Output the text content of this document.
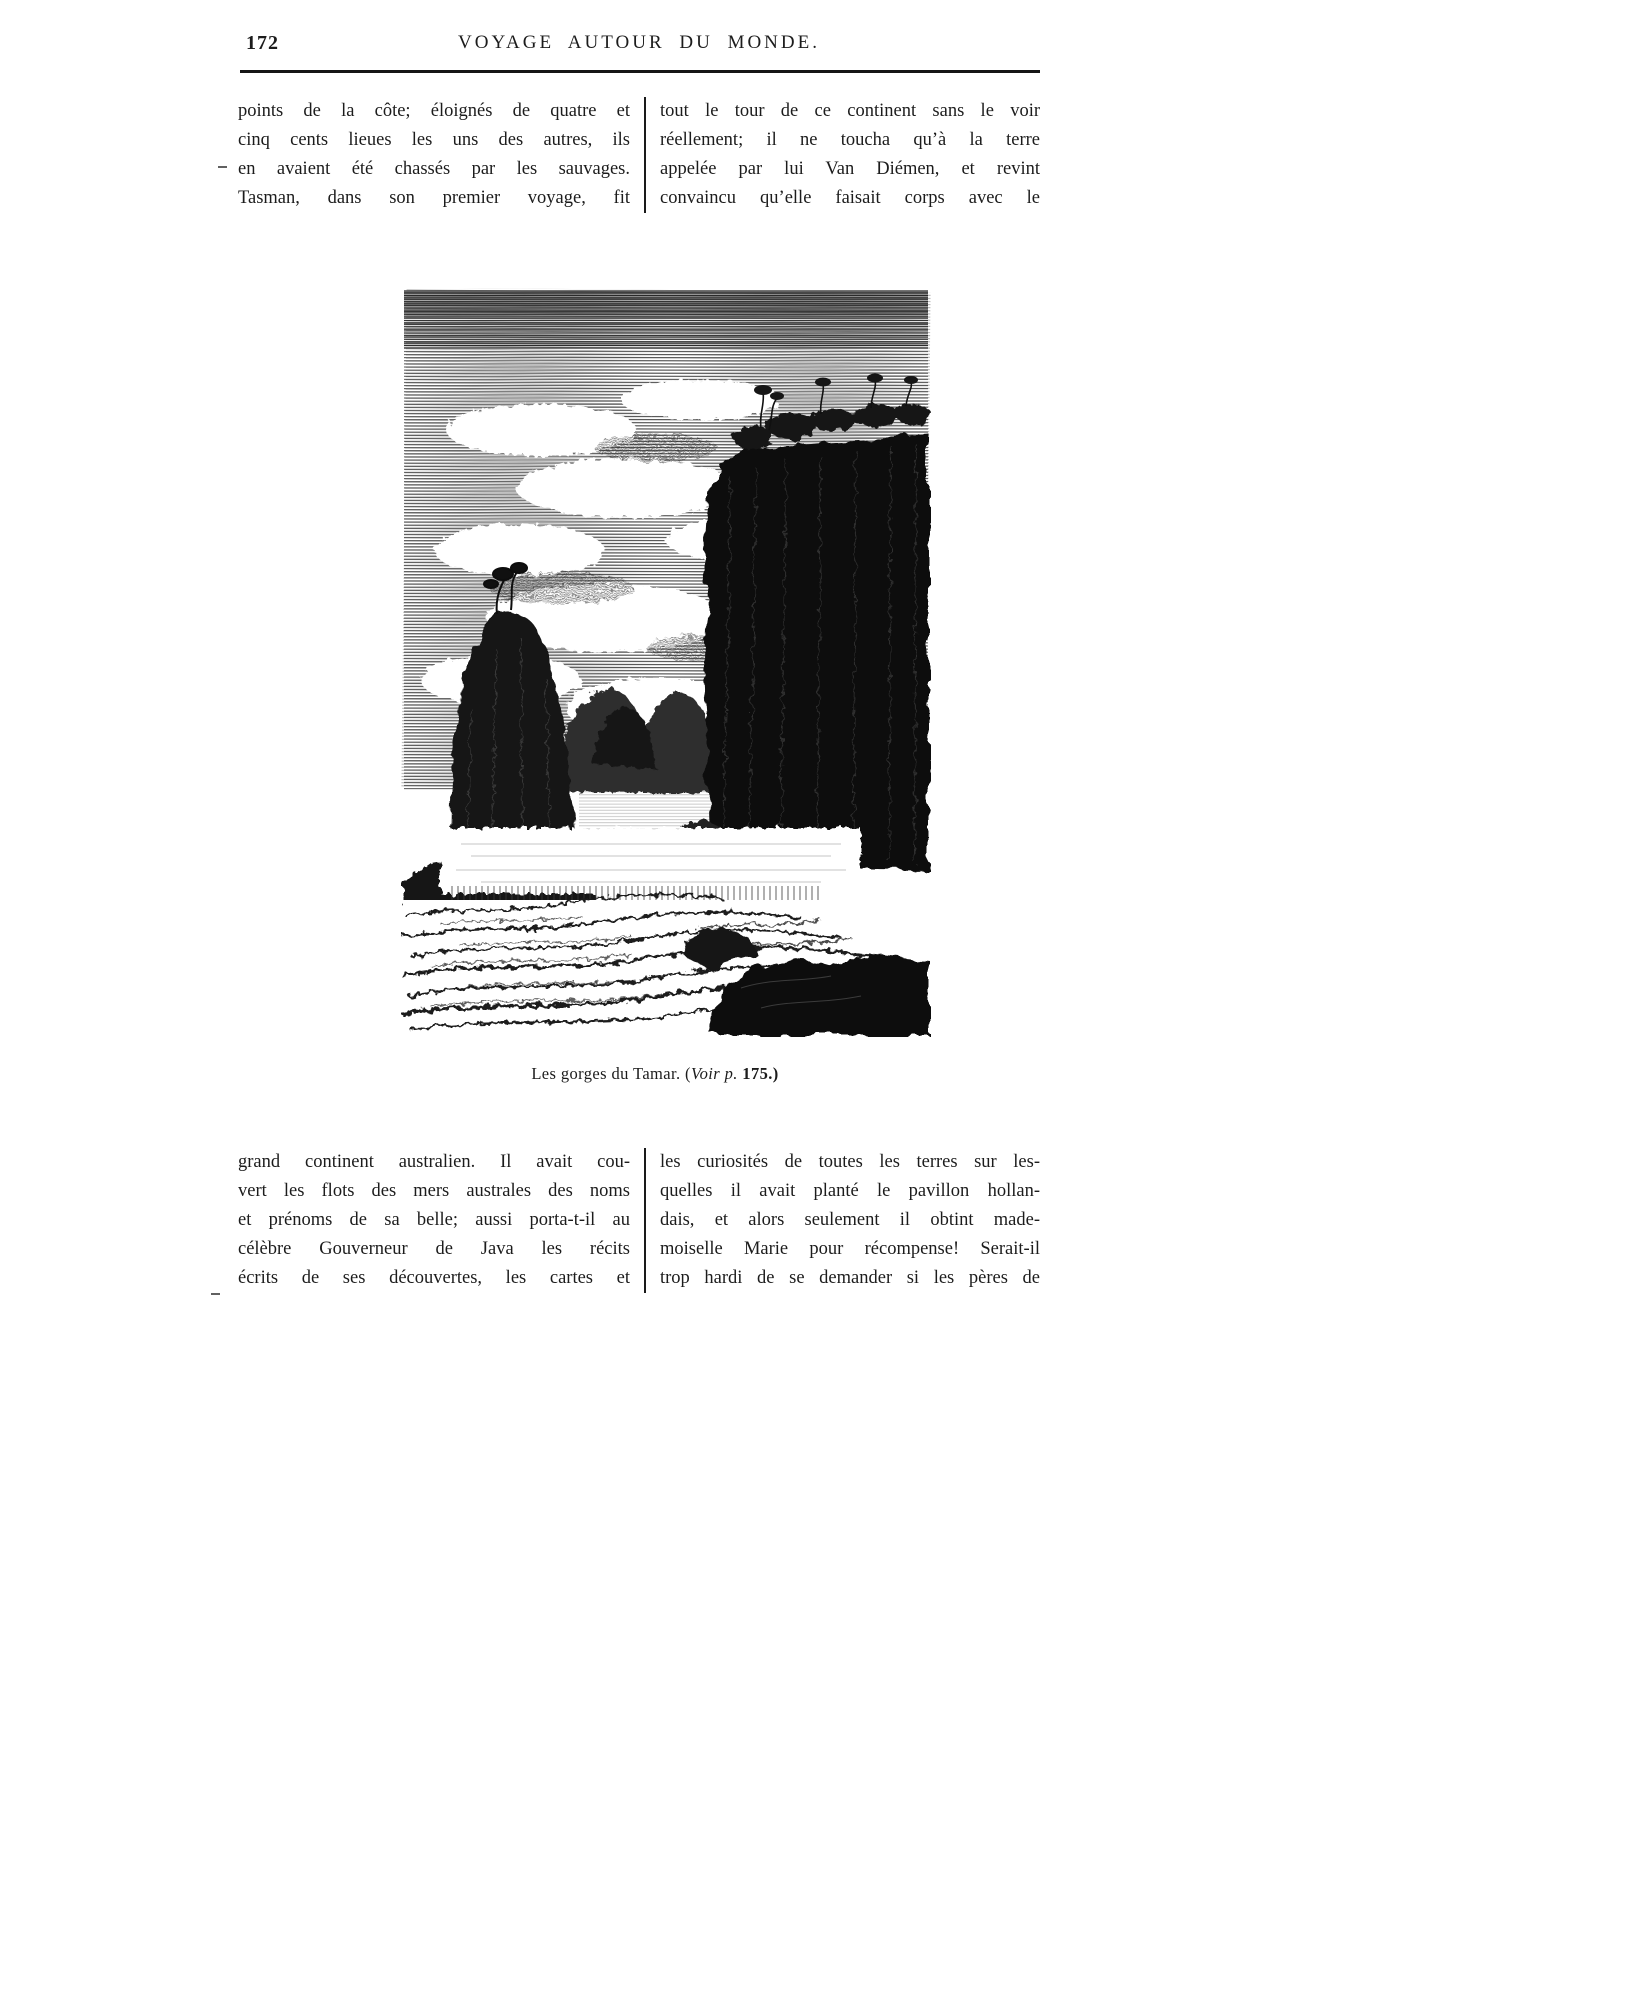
172	VOYAGE AUTOUR DU MONDE.
points de la côte; éloignés de quatre et
cinq cents lieues les uns des autres, ils
en avaient été chassés par les sauvages.
Tasman, dans son premier voyage, fit
tout le tour de ce continent sans le voir
réellement; il ne toucha qu’à la terre
appelée par lui Van Diémen, et revint
convaincu qu’elle faisait corps avec le
Les gorges du Tamar. (Voir p. 175.)
grand continent australien. Il avait cou-
vert les flots des mers australes des noms
et prénoms de sa belle; aussi porta-t-il au
célèbre Gouverneur de Java les récits
écrits de ses découvertes, les cartes et
les curiosités de toutes les terres sur les-
quelles il avait planté le pavillon hollan-
dais, et alors seulement il obtint made-
moiselle Marie pour récompense! Serait-il
trop hardi de se demander si les pères de
